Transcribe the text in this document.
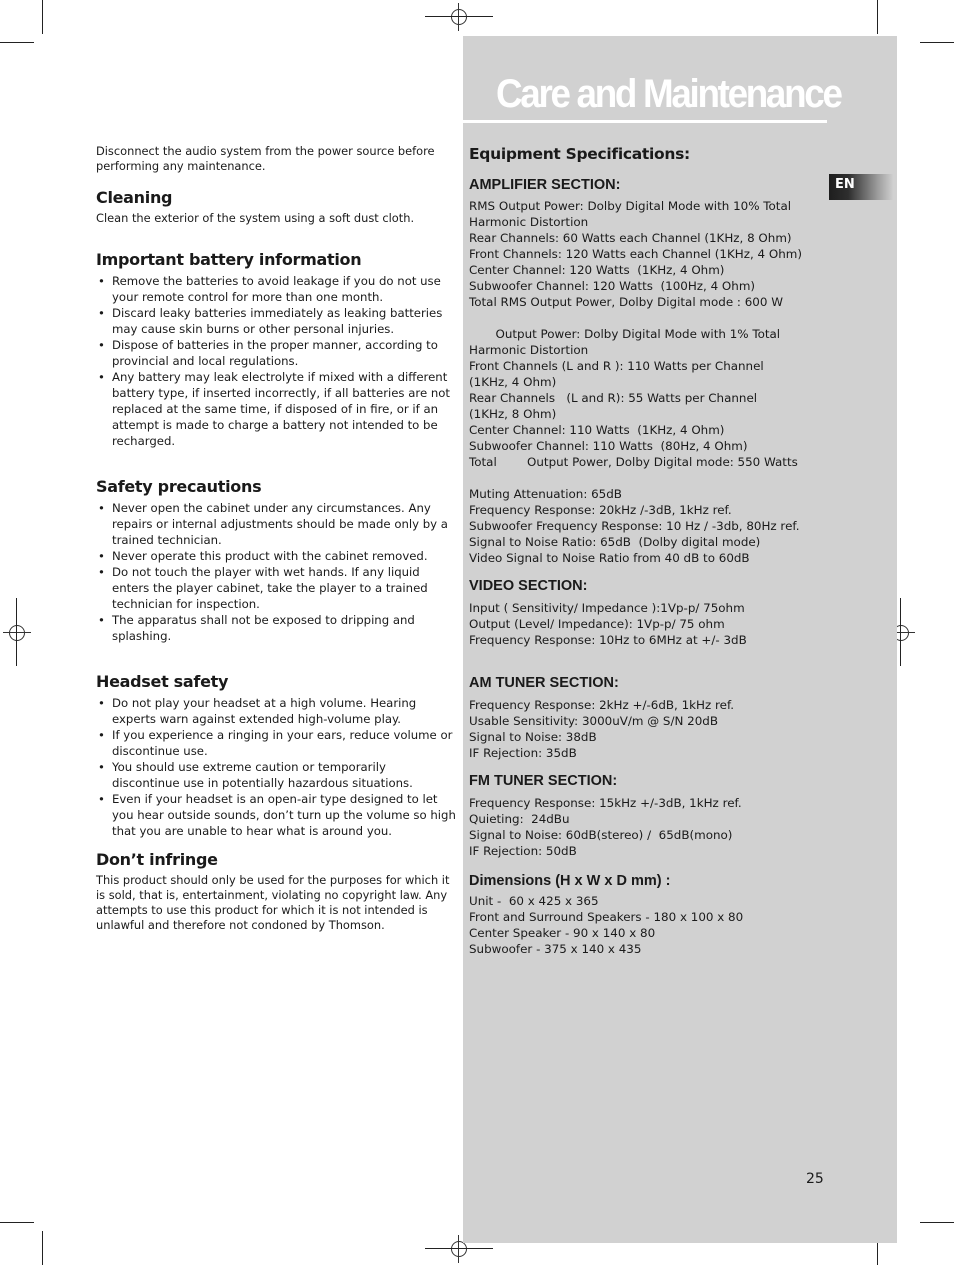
Care and Maintenance
EN

Disconnect the audio system from the power source before performing any maintenance.

Cleaning

Clean the exterior of the system using a soft dust cloth.

Important battery information
• Remove the batteries to avoid leakage if you do not use your remote control for more than one month.
• Discard leaky batteries immediately as leaking batteries may cause skin burns or other personal injuries.
• Dispose of batteries in the proper manner, according to provincial and local regulations.
• Any battery may leak electrolyte if mixed with a different battery type, if inserted incorrectly, if all batteries are not replaced at the same time, if disposed of in fire, or if an attempt is made to charge a battery not intended to be recharged.
Safety precautions
• Never open the cabinet under any circumstances. Any repairs or internal adjustments should be made only by a trained technician.
• Never operate this product with the cabinet removed.
• Do not touch the player with wet hands. If any liquid enters the player cabinet, take the player to a trained technician for inspection.
• The apparatus shall not be exposed to dripping and splashing.
Headset safety
• Do not play your headset at a high volume. Hearing experts warn against extended high-volume play.
• If you experience a ringing in your ears, reduce volume or discontinue use.
• You should use extreme caution or temporarily discontinue use in potentially hazardous situations.
• Even if your headset is an open-air type designed to let you hear outside sounds, don’t turn up the volume so high that you are unable to hear what is around you.
Don’t infringe

This product should only be used for the purposes for which it is sold, that is, entertainment, violating no copyright law. Any attempts to use this product for which it is not intended is unlawful and therefore not condoned by Thomson.

Equipment Specifications:
AMPLIFIER SECTION:

RMS Output Power: Dolby Digital Mode with 10% Total

Harmonic Distortion

Rear Channels: 60 Watts each Channel (1KHz, 8 Ohm)

Front Channels: 120 Watts each Channel (1KHz, 4 Ohm)

Center Channel: 120 Watts  (1KHz, 4 Ohm)

Subwoofer Channel: 120 Watts  (100Hz, 4 Ohm)

Total RMS Output Power, Dolby Digital mode : 600 W

Output Power: Dolby Digital Mode with 1% Total

Harmonic Distortion

Front Channels (L and R ): 110 Watts per Channel

(1KHz, 4 Ohm)

Rear Channels   (L and R): 55 Watts per Channel

(1KHz, 8 Ohm)

Center Channel: 110 Watts  (1KHz, 4 Ohm)

Subwoofer Channel: 110 Watts  (80Hz, 4 Ohm)

Total        Output Power, Dolby Digital mode: 550 Watts

Muting Attenuation: 65dB

Frequency Response: 20kHz /-3dB, 1kHz ref.

Subwoofer Frequency Response: 10 Hz / -3db, 80Hz ref.

Signal to Noise Ratio: 65dB  (Dolby digital mode)

Video Signal to Noise Ratio from 40 dB to 60dB

VIDEO SECTION:

Input ( Sensitivity/ Impedance ):1Vp-p/ 75ohm

Output (Level/ Impedance): 1Vp-p/ 75 ohm

Frequency Response: 10Hz to 6MHz at +/- 3dB

AM TUNER SECTION:

Frequency Response: 2kHz +/-6dB, 1kHz ref.

Usable Sensitivity: 3000uV/m @ S/N 20dB

Signal to Noise: 38dB

IF Rejection: 35dB

FM TUNER SECTION:

Frequency Response: 15kHz +/-3dB, 1kHz ref.

Quieting:  24dBu

Signal to Noise: 60dB(stereo) /  65dB(mono)

IF Rejection: 50dB

Dimensions (H x W x D mm) :

Unit -  60 x 425 x 365

Front and Surround Speakers - 180 x 100 x 80

Center Speaker - 90 x 140 x 80

Subwoofer - 375 x 140 x 435

25
